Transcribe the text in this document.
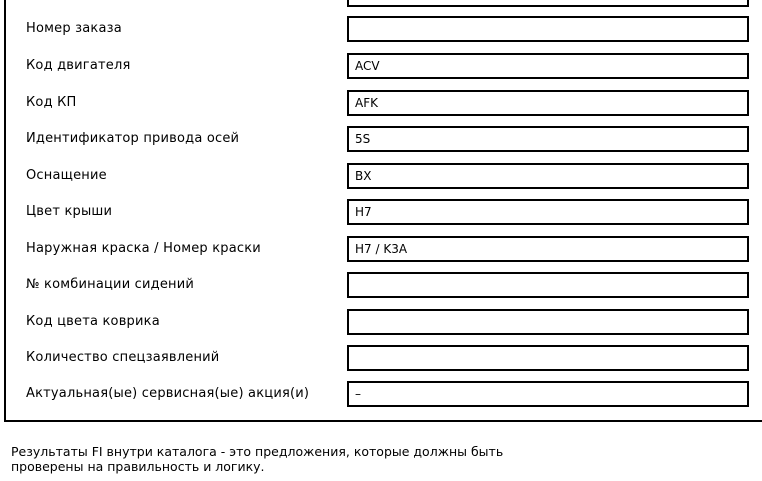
Номер заказа
Код двигателя
ACV
Код КП
AFK
Идентификатор привода осей
5S
Оснащение
BX
Цвет крыши
H7
Наружная краска / Номер краски
H7 / K3A
№ комбинации сидений
Код цвета коврика
Количество спецзаявлений
Актуальная(ые) сервисная(ые) акция(и)
–
Результаты FI внутри каталога - это предложения, которые должны быть
проверены на правильность и логику.
